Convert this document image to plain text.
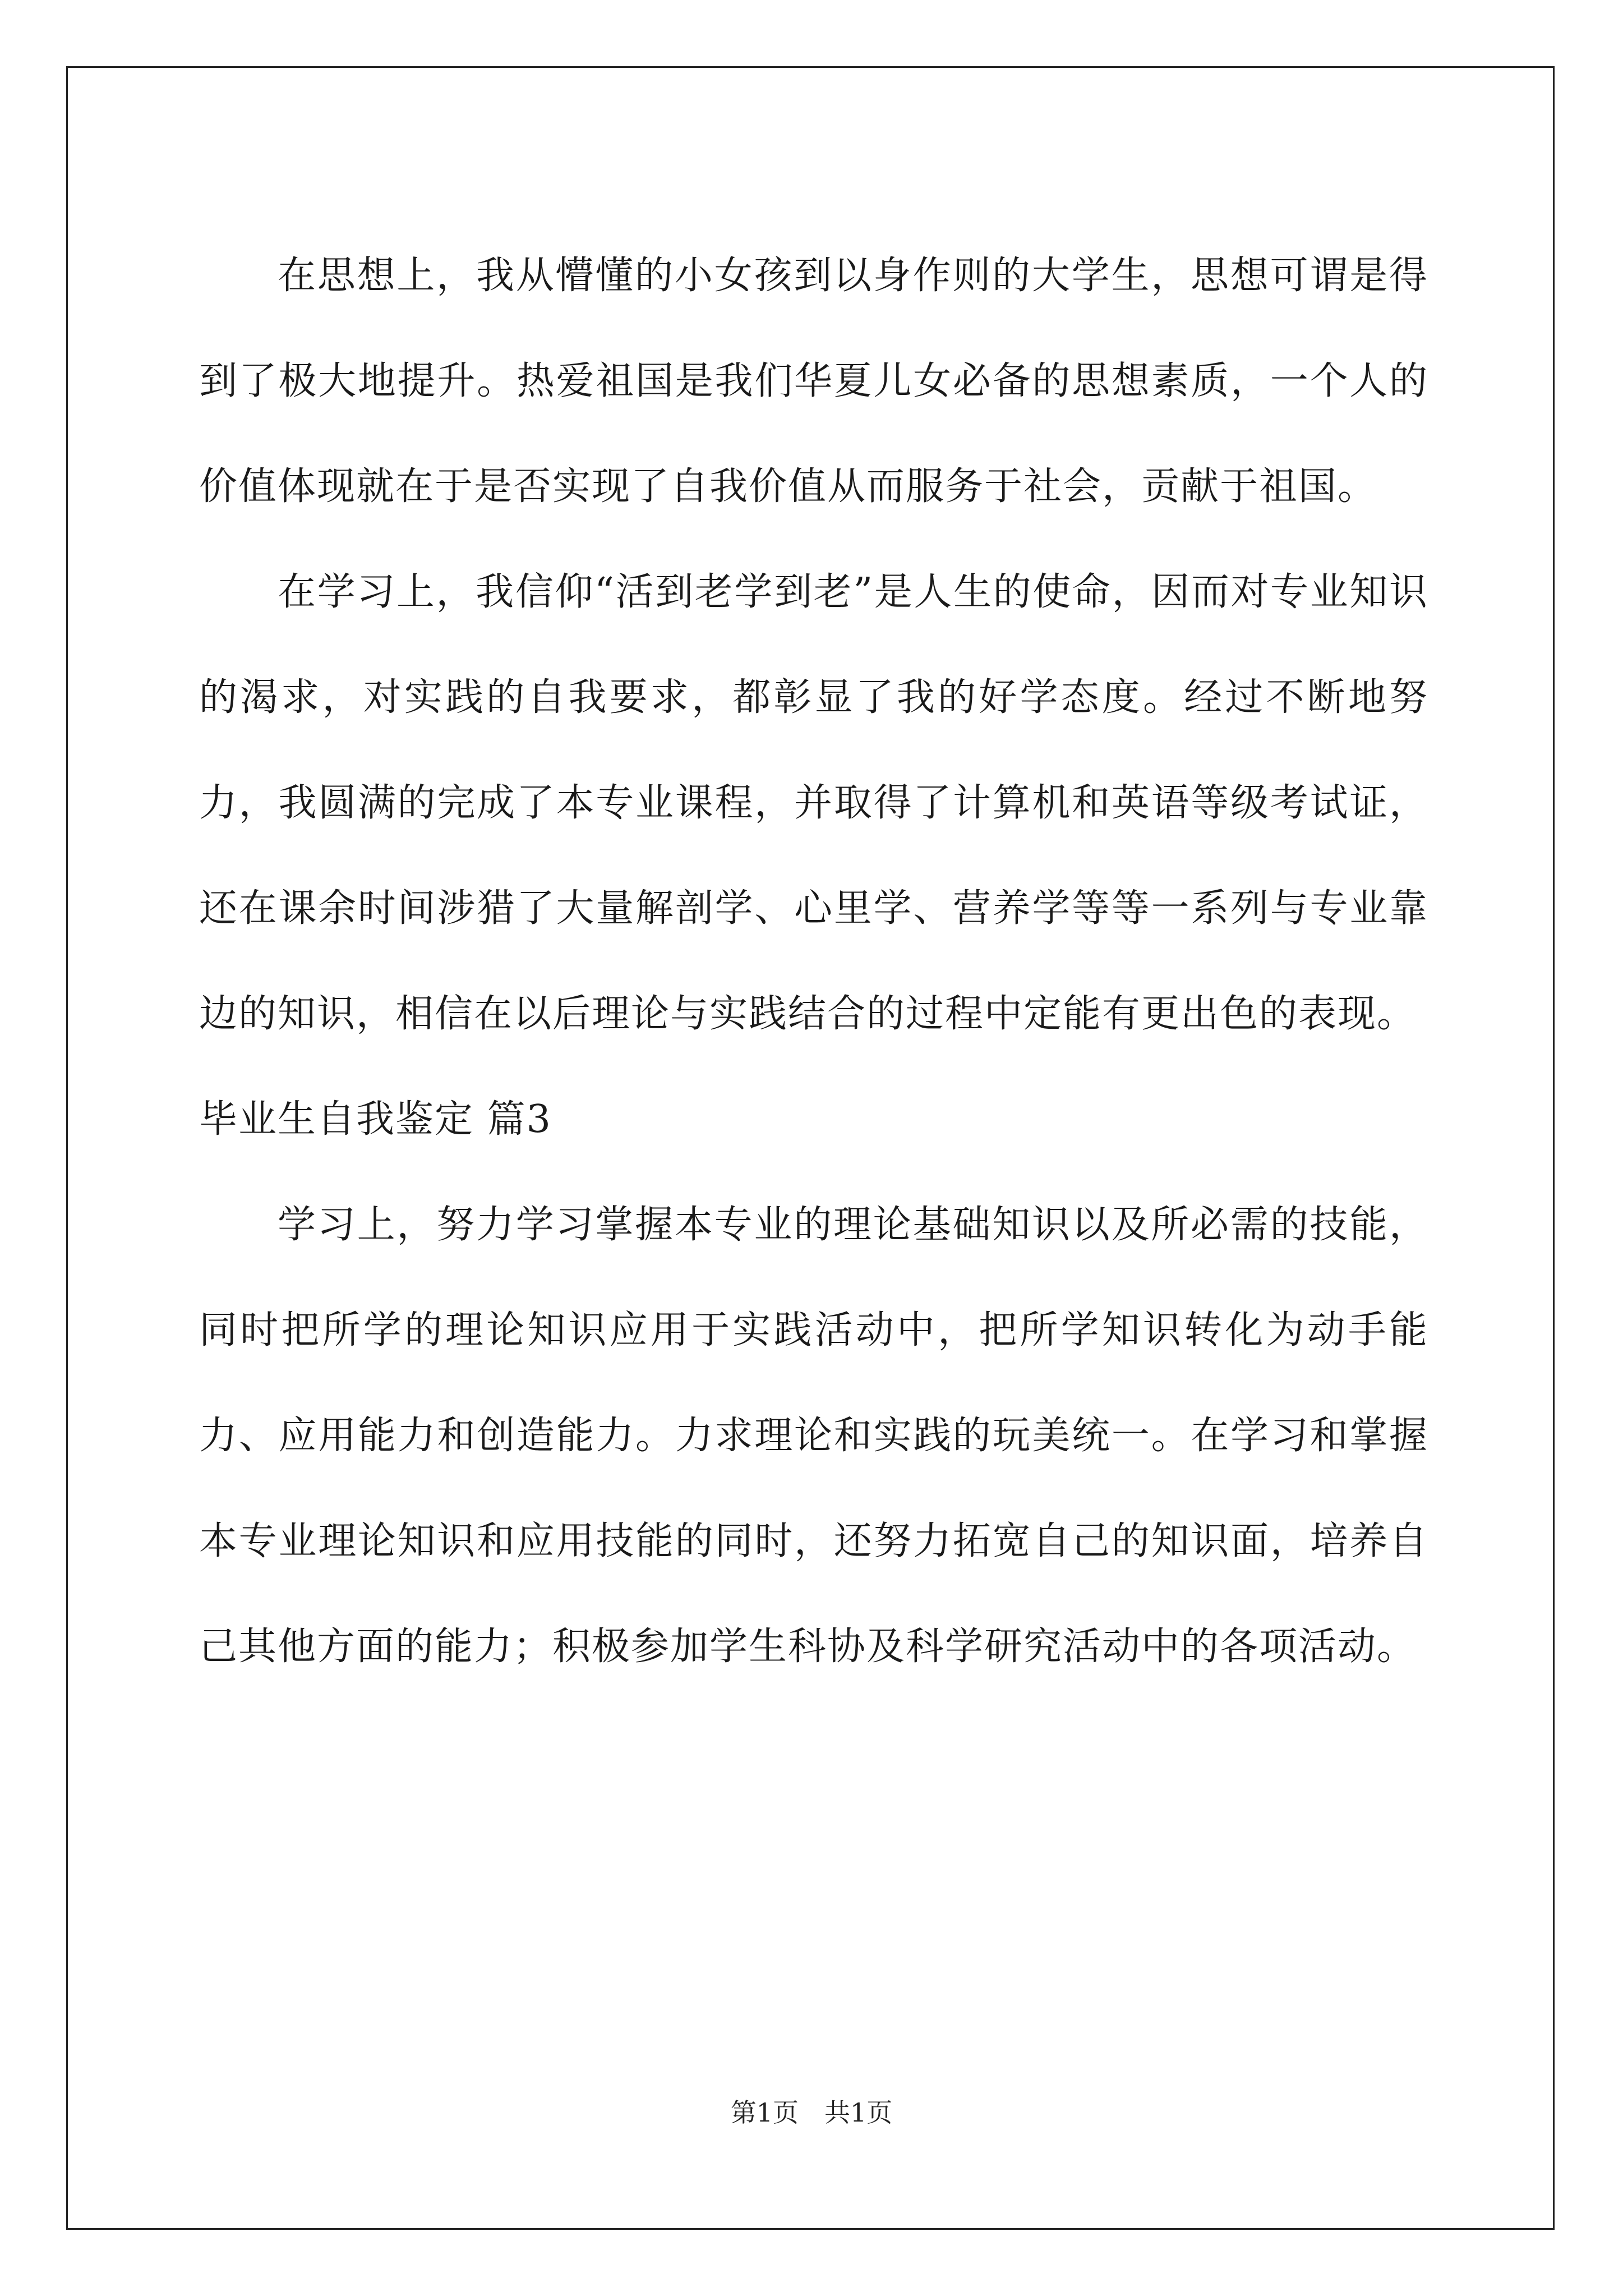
在思想上，我从懵懂的小女孩到以身作则的大学生，思想可谓是得到了极大地提升。热爱祖国是我们华夏儿女必备的思想素质，一个人的价值体现就在于是否实现了自我价值从而服务于社会，贡献于祖国。

在学习上，我信仰“活到老学到老”是人生的使命，因而对专业知识的渴求，对实践的自我要求，都彰显了我的好学态度。经过不断地努力，我圆满的完成了本专业课程，并取得了计算机和英语等级考试证，还在课余时间涉猎了大量解剖学、心里学、营养学等等一系列与专业靠边的知识，相信在以后理论与实践结合的过程中定能有更出色的表现。

毕业生自我鉴定 篇3

学习上，努力学习掌握本专业的理论基础知识以及所必需的技能，同时把所学的理论知识应用于实践活动中，把所学知识转化为动手能力、应用能力和创造能力。力求理论和实践的玩美统一。在学习和掌握本专业理论知识和应用技能的同时，还努力拓宽自己的知识面，培养自己其他方面的能力；积极参加学生科协及科学研究活动中的各项活动。

第1页　共1页
